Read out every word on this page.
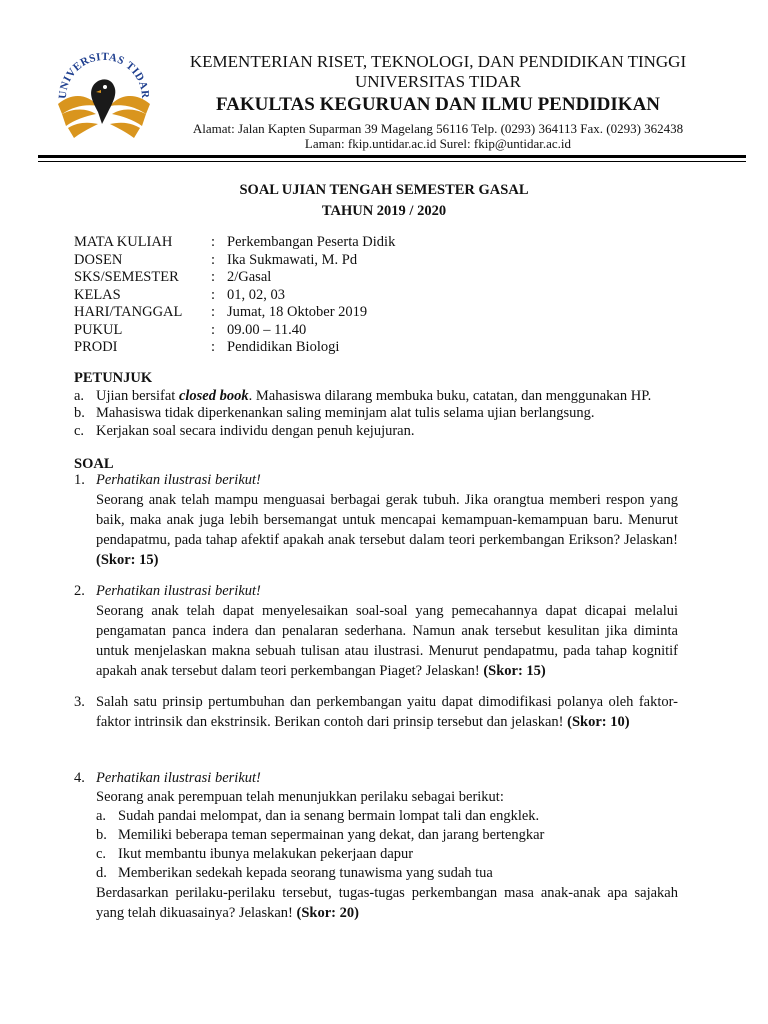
UNIVERSITAS TIDAR
KEMENTERIAN RISET, TEKNOLOGI, DAN PENDIDIKAN TINGGI
UNIVERSITAS TIDAR
FAKULTAS KEGURUAN DAN ILMU PENDIDIKAN
Alamat: Jalan Kapten Suparman 39 Magelang 56116 Telp. (0293) 364113 Fax. (0293) 362438
Laman: fkip.untidar.ac.id Surel: fkip@untidar.ac.id
SOAL UJIAN TENGAH SEMESTER GASAL
TAHUN 2019 / 2020
MATA KULIAH	: Perkembangan Peserta Didik
DOSEN	: Ika Sukmawati, M. Pd
SKS/SEMESTER	: 2/Gasal
KELAS	: 01, 02, 03
HARI/TANGGAL	: Jumat, 18 Oktober 2019
PUKUL	: 09.00 – 11.40
PRODI	: Pendidikan Biologi
PETUNJUK
a. Ujian bersifat closed book. Mahasiswa dilarang membuka buku, catatan, dan menggunakan HP.
b. Mahasiswa tidak diperkenankan saling meminjam alat tulis selama ujian berlangsung.
c. Kerjakan soal secara individu dengan penuh kejujuran.
SOAL
1. Perhatikan ilustrasi berikut!
Seorang anak telah mampu menguasai berbagai gerak tubuh. Jika orangtua memberi respon yang baik, maka anak juga lebih bersemangat untuk mencapai kemampuan-kemampuan baru. Menurut pendapatmu, pada tahap afektif apakah anak tersebut dalam teori perkembangan Erikson? Jelaskan! (Skor: 15)
2. Perhatikan ilustrasi berikut!
Seorang anak telah dapat menyelesaikan soal-soal yang pemecahannya dapat dicapai melalui pengamatan panca indera dan penalaran sederhana. Namun anak tersebut kesulitan jika diminta untuk menjelaskan makna sebuah tulisan atau ilustrasi. Menurut pendapatmu, pada tahap kognitif apakah anak tersebut dalam teori perkembangan Piaget? Jelaskan! (Skor: 15)
3. Salah satu prinsip pertumbuhan dan perkembangan yaitu dapat dimodifikasi polanya oleh faktor-faktor intrinsik dan ekstrinsik. Berikan contoh dari prinsip tersebut dan jelaskan! (Skor: 10)
4. Perhatikan ilustrasi berikut!
Seorang anak perempuan telah menunjukkan perilaku sebagai berikut:
a. Sudah pandai melompat, dan ia senang bermain lompat tali dan engklek.
b. Memiliki beberapa teman sepermainan yang dekat, dan jarang bertengkar
c. Ikut membantu ibunya melakukan pekerjaan dapur
d. Memberikan sedekah kepada seorang tunawisma yang sudah tua
Berdasarkan perilaku-perilaku tersebut, tugas-tugas perkembangan masa anak-anak apa sajakah yang telah dikuasainya? Jelaskan! (Skor: 20)
